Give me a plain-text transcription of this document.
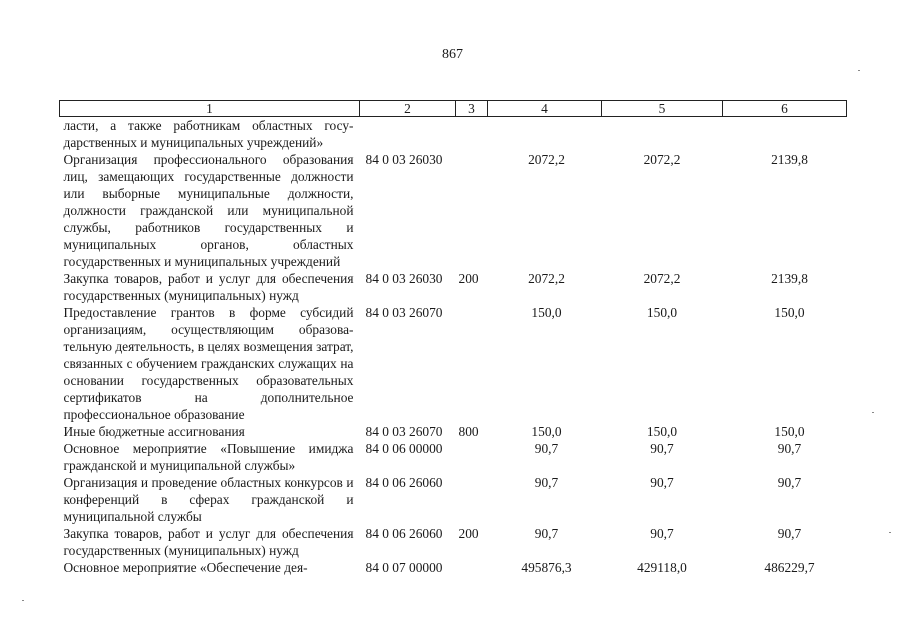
867
1	2	3	4	5	6
ласти, а также работникам областных государственных и муниципальных учреждений»					
Организация профессионального образования лиц, замещающих государственные должности или выборные муниципальные должности, должности гражданской или муниципальной службы, работников государственных и муниципальных органов, областных государственных и муниципальных учреждений	84 0 03 26030		2072,2	2072,2	2139,8
Закупка товаров, работ и услуг для обеспечения государственных (муниципальных) нужд	84 0 03 26030	200	2072,2	2072,2	2139,8
Предоставление грантов в форме субсидий организациям, осуществляющим образовательную деятельность, в целях возмещения затрат, связанных с обучением гражданских служащих на основании государственных образовательных сертификатов на дополнительное профессиональное образование	84 0 03 26070		150,0	150,0	150,0
Иные бюджетные ассигнования	84 0 03 26070	800	150,0	150,0	150,0
Основное мероприятие «Повышение имиджа гражданской и муниципальной службы»	84 0 06 00000		90,7	90,7	90,7
Организация и проведение областных конкурсов и конференций в сферах гражданской и муниципальной службы	84 0 06 26060		90,7	90,7	90,7
Закупка товаров, работ и услуг для обеспечения государственных (муниципальных) нужд	84 0 06 26060	200	90,7	90,7	90,7
Основное мероприятие «Обеспечение дея-	84 0 07 00000		495876,3	429118,0	486229,7
